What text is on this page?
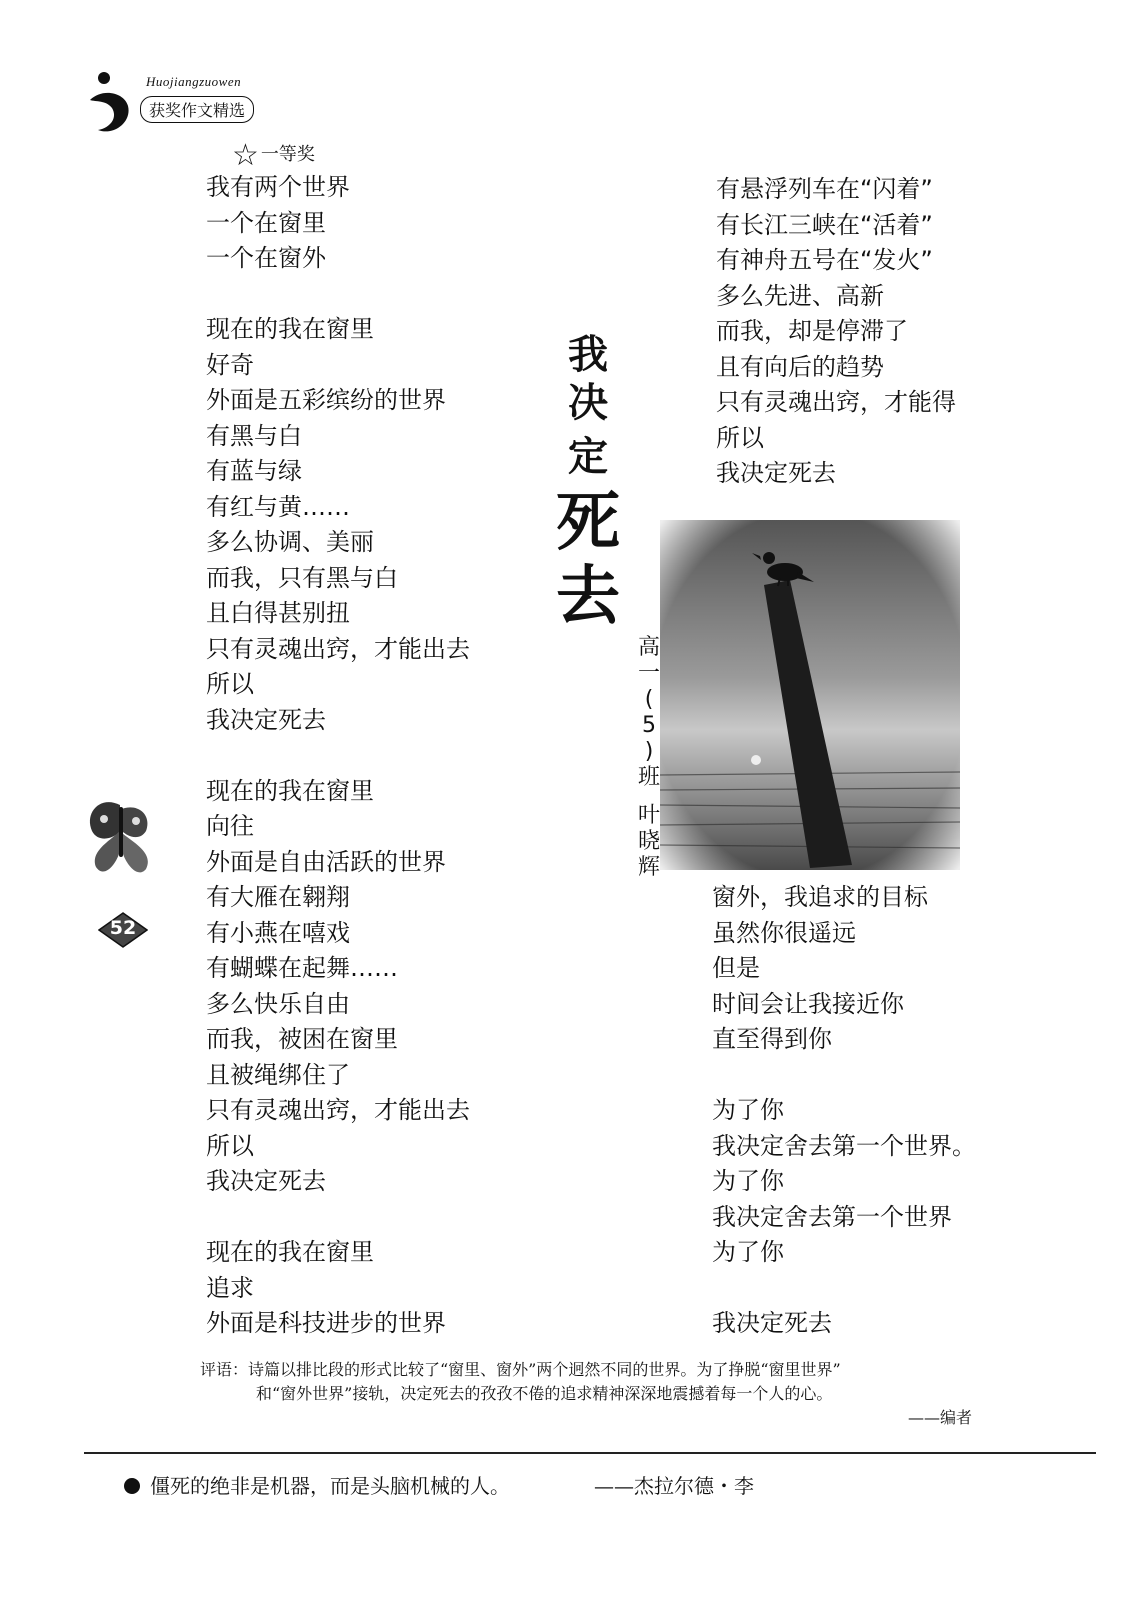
Huojiangzuowen
获奖作文精选
☆ 一等奖
我有两个世界
一个在窗里
一个在窗外
现在的我在窗里
好奇
外面是五彩缤纷的世界
有黑与白
有蓝与绿
有红与黄……
多么协调、美丽
而我，只有黑与白
且白得甚别扭
只有灵魂出窍，才能出去
所以
我决定死去
现在的我在窗里
向往
外面是自由活跃的世界
有大雁在翱翔
有小燕在嘻戏
有蝴蝶在起舞……
多么快乐自由
而我，被困在窗里
且被绳绑住了
只有灵魂出窍，才能出去
所以
我决定死去
现在的我在窗里
追求
外面是科技进步的世界
我
决
定
死
去
高
一
(
5
)
班
叶
晓
辉
有悬浮列车在“闪着”
有长江三峡在“活着”
有神舟五号在“发火”
多么先进、高新
而我，却是停滞了
且有向后的趋势
只有灵魂出窍，才能得
所以
我决定死去
窗外，我追求的目标
虽然你很遥远
但是
时间会让我接近你
直至得到你
为了你
我决定舍去第一个世界。
为了你
我决定舍去第一个世界
为了你
我决定死去
52
评语：诗篇以排比段的形式比较了“窗里、窗外”两个迥然不同的世界。为了挣脱“窗里世界”
和“窗外世界”接轨，决定死去的孜孜不倦的追求精神深深地震撼着每一个人的心。
——编者
僵死的绝非是机器，而是头脑机械的人。	——杰拉尔德・李
